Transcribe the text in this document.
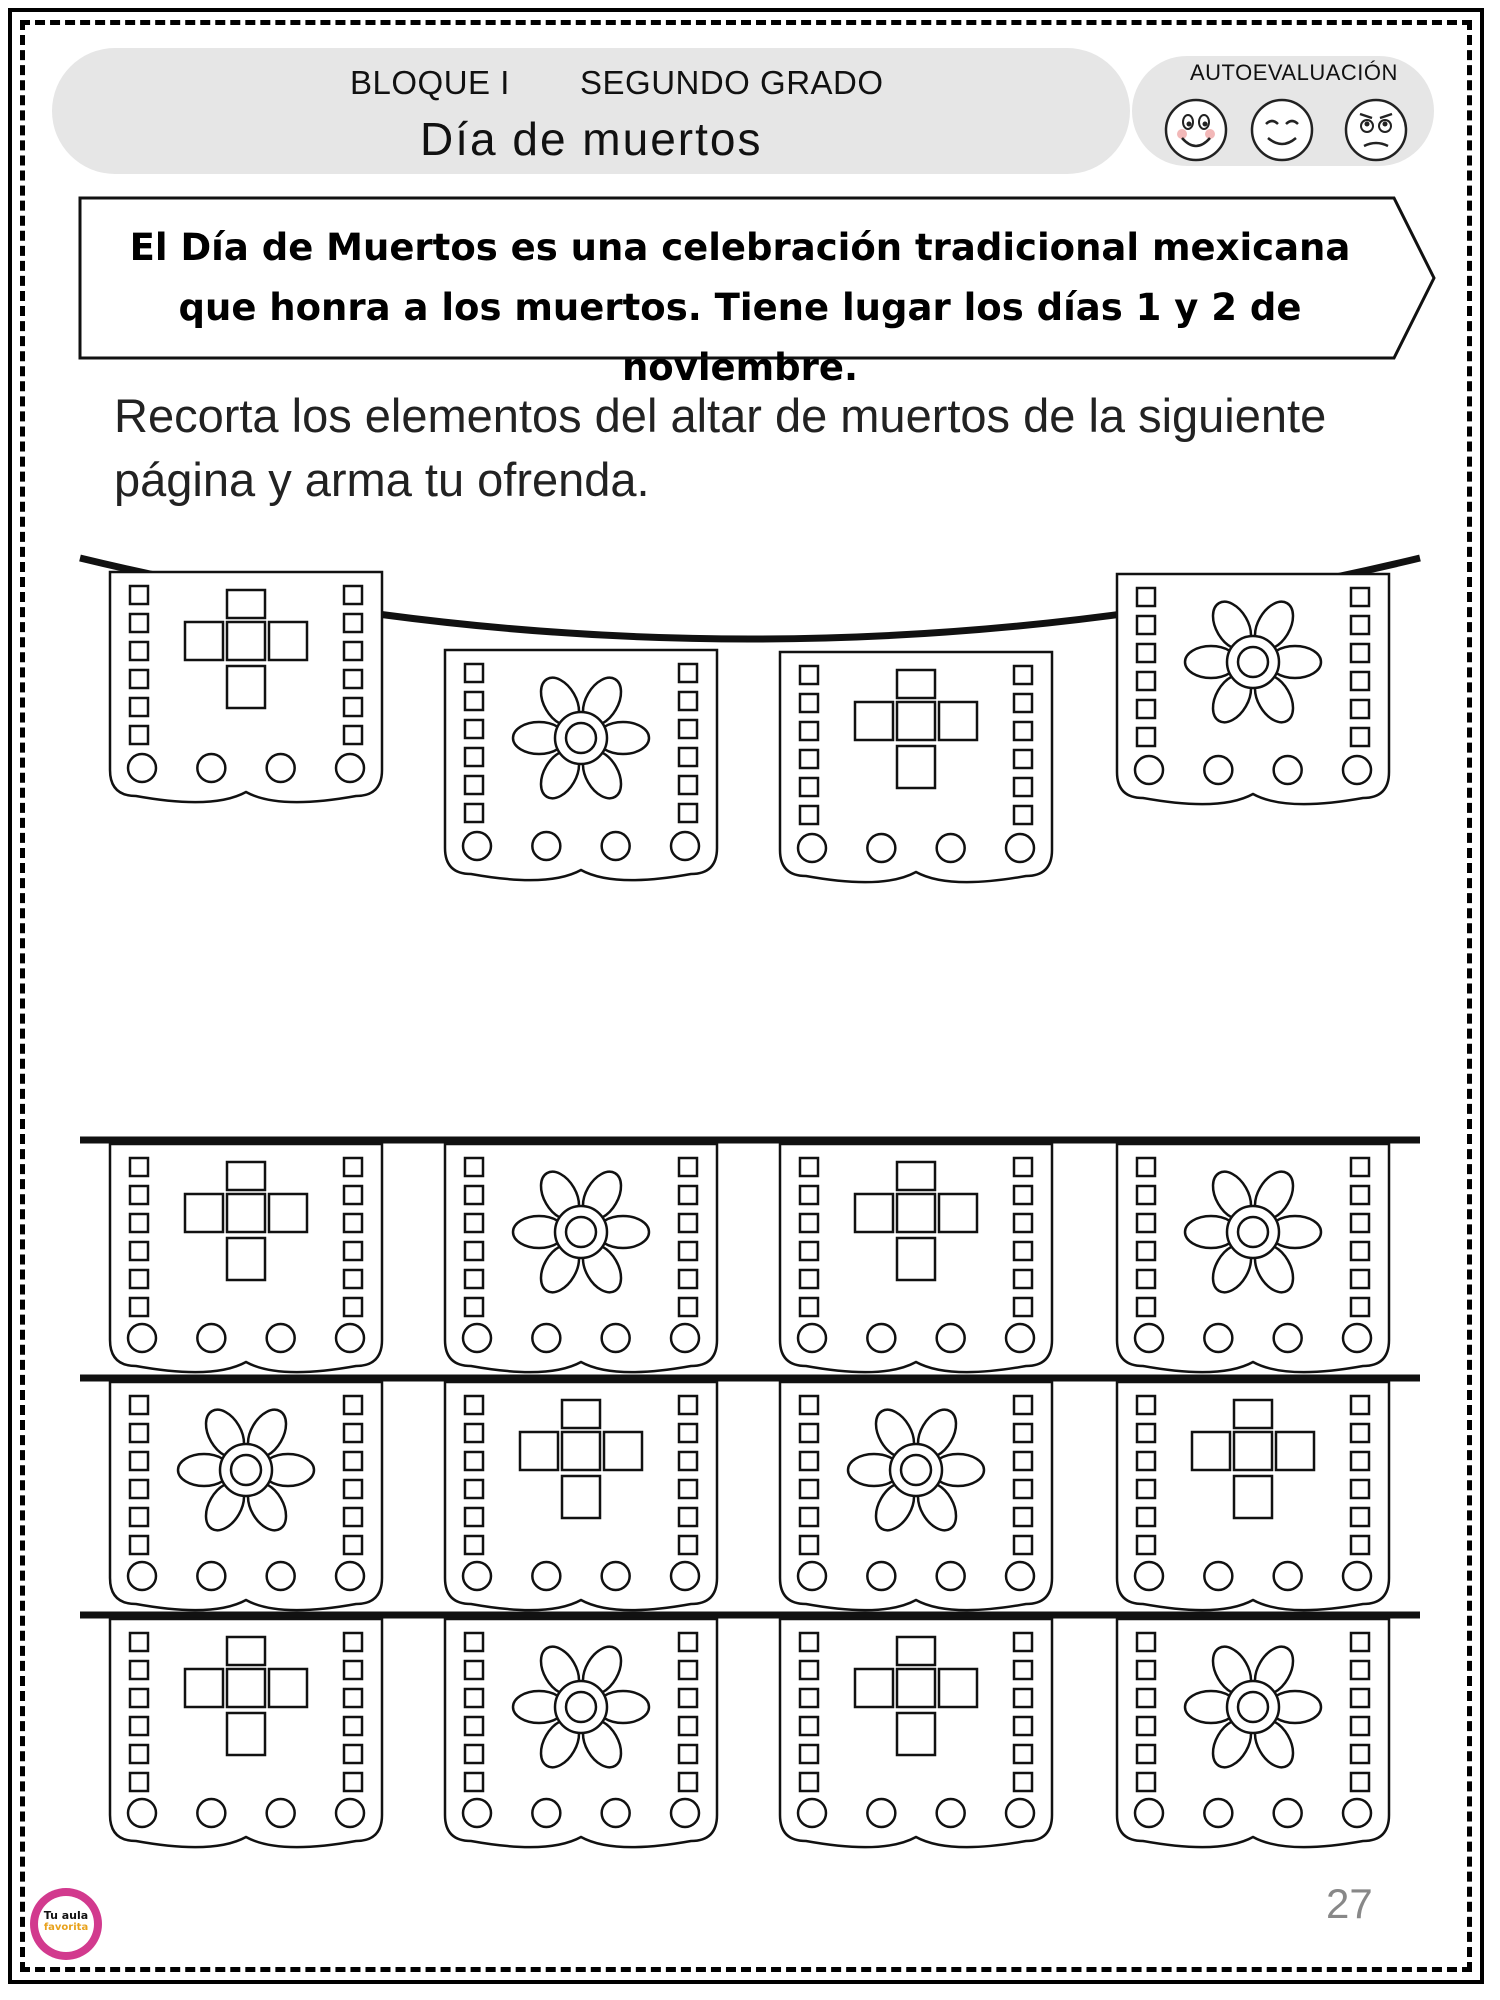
BLOQUE I SEGUNDO GRADO
Día de muertos
AUTOEVALUACIÓN
El Día de Muertos es una celebración tradicional mexicana que honra a los muertos. Tiene lugar los días 1 y 2 de noviembre.
Recorta los elementos del altar de muertos de la siguiente página y arma tu ofrenda.
Tu aula
favorita
27
